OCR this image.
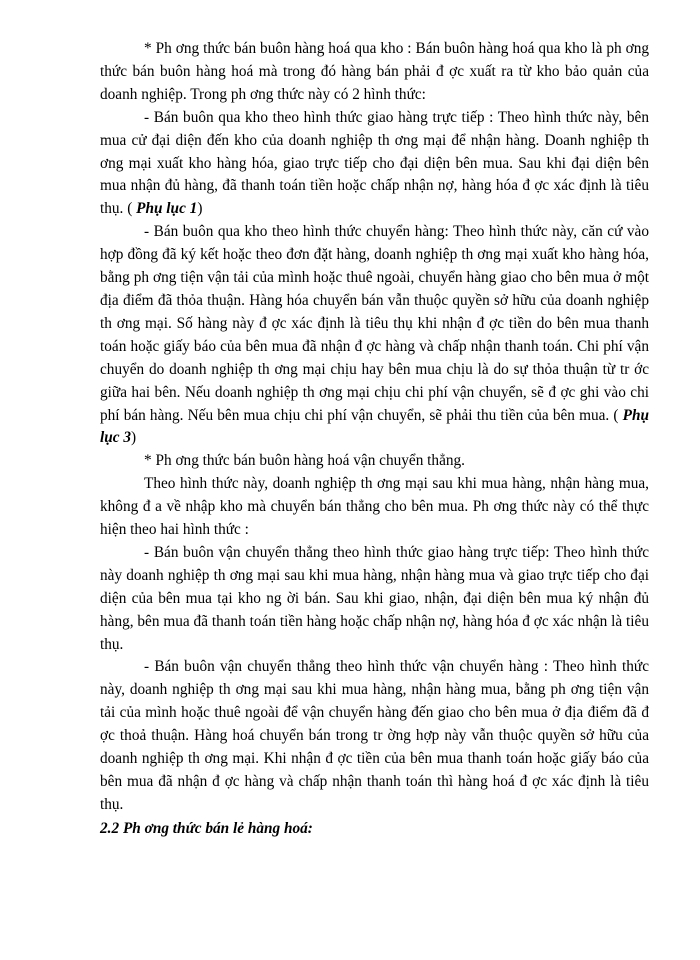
* Ph ơng thức bán buôn hàng hoá qua kho : Bán buôn hàng hoá qua kho là ph ơng thức bán buôn hàng hoá mà trong đó hàng bán phải đ ợc xuất ra từ kho bảo quản của doanh nghiệp. Trong ph ơng thức này có 2 hình thức:

- Bán buôn qua kho theo hình thức giao hàng trực tiếp : Theo hình thức này, bên mua cử đại diện đến kho của doanh nghiệp th ơng mại để nhận hàng. Doanh nghiệp th ơng mại xuất kho hàng hóa, giao trực tiếp cho đại diện bên mua. Sau khi đại diện bên mua nhận đủ hàng, đã thanh toán tiền hoặc chấp nhận nợ, hàng hóa đ ợc xác định là tiêu thụ. ( Phụ lục 1)

- Bán buôn qua kho theo hình thức chuyển hàng: Theo hình thức này, căn cứ vào hợp đồng đã ký kết hoặc theo đơn đặt hàng, doanh nghiệp th ơng mại xuất kho hàng hóa, bằng ph ơng tiện vận tải của mình hoặc thuê ngoài, chuyển hàng giao cho bên mua ở một địa điểm đã thỏa thuận. Hàng hóa chuyển bán vẫn thuộc quyền sở hữu của doanh nghiệp th ơng mại. Số hàng này đ ợc xác định là tiêu thụ khi nhận đ ợc tiền do bên mua thanh toán hoặc giấy báo của bên mua đã nhận đ ợc hàng và chấp nhận thanh toán. Chi phí vận chuyển do doanh nghiệp th ơng mại chịu hay bên mua chịu là do sự thỏa thuận từ tr ớc giữa hai bên. Nếu doanh nghiệp th ơng mại chịu chi phí vận chuyển, sẽ đ ợc ghi vào chi phí bán hàng. Nếu bên mua chịu chi phí vận chuyển, sẽ phải thu tiền của bên mua. ( Phụ lục 3)

* Ph ơng thức bán buôn hàng hoá vận chuyển thẳng.

Theo hình thức này, doanh nghiệp th ơng mại sau khi mua hàng, nhận hàng mua, không đ a về nhập kho mà chuyển bán thẳng cho bên mua. Ph ơng thức này có thể thực hiện theo hai hình thức :

- Bán buôn vận chuyển thẳng theo hình thức giao hàng trực tiếp: Theo hình thức này doanh nghiệp th ơng mại sau khi mua hàng, nhận hàng mua và giao trực tiếp cho đại diện của bên mua tại kho ng ời bán. Sau khi giao, nhận, đại diện bên mua ký nhận đủ hàng, bên mua đã thanh toán tiền hàng hoặc chấp nhận nợ, hàng hóa đ ợc xác nhận là tiêu thụ.

- Bán buôn vận chuyển thẳng theo hình thức vận chuyển hàng : Theo hình thức này, doanh nghiệp th ơng mại sau khi mua hàng, nhận hàng mua, bằng ph ơng tiện vận tải của mình hoặc thuê ngoài để vận chuyển hàng đến giao cho bên mua ở địa điểm đã đ ợc thoả thuận. Hàng hoá chuyển bán trong tr ờng hợp này vẫn thuộc quyền sở hữu của doanh nghiệp th ơng mại. Khi nhận đ ợc tiền của bên mua thanh toán hoặc giấy báo của bên mua đã nhận đ ợc hàng và chấp nhận thanh toán thì hàng hoá đ ợc xác định là tiêu thụ.

2.2 Ph ơng thức bán lẻ hàng hoá:
